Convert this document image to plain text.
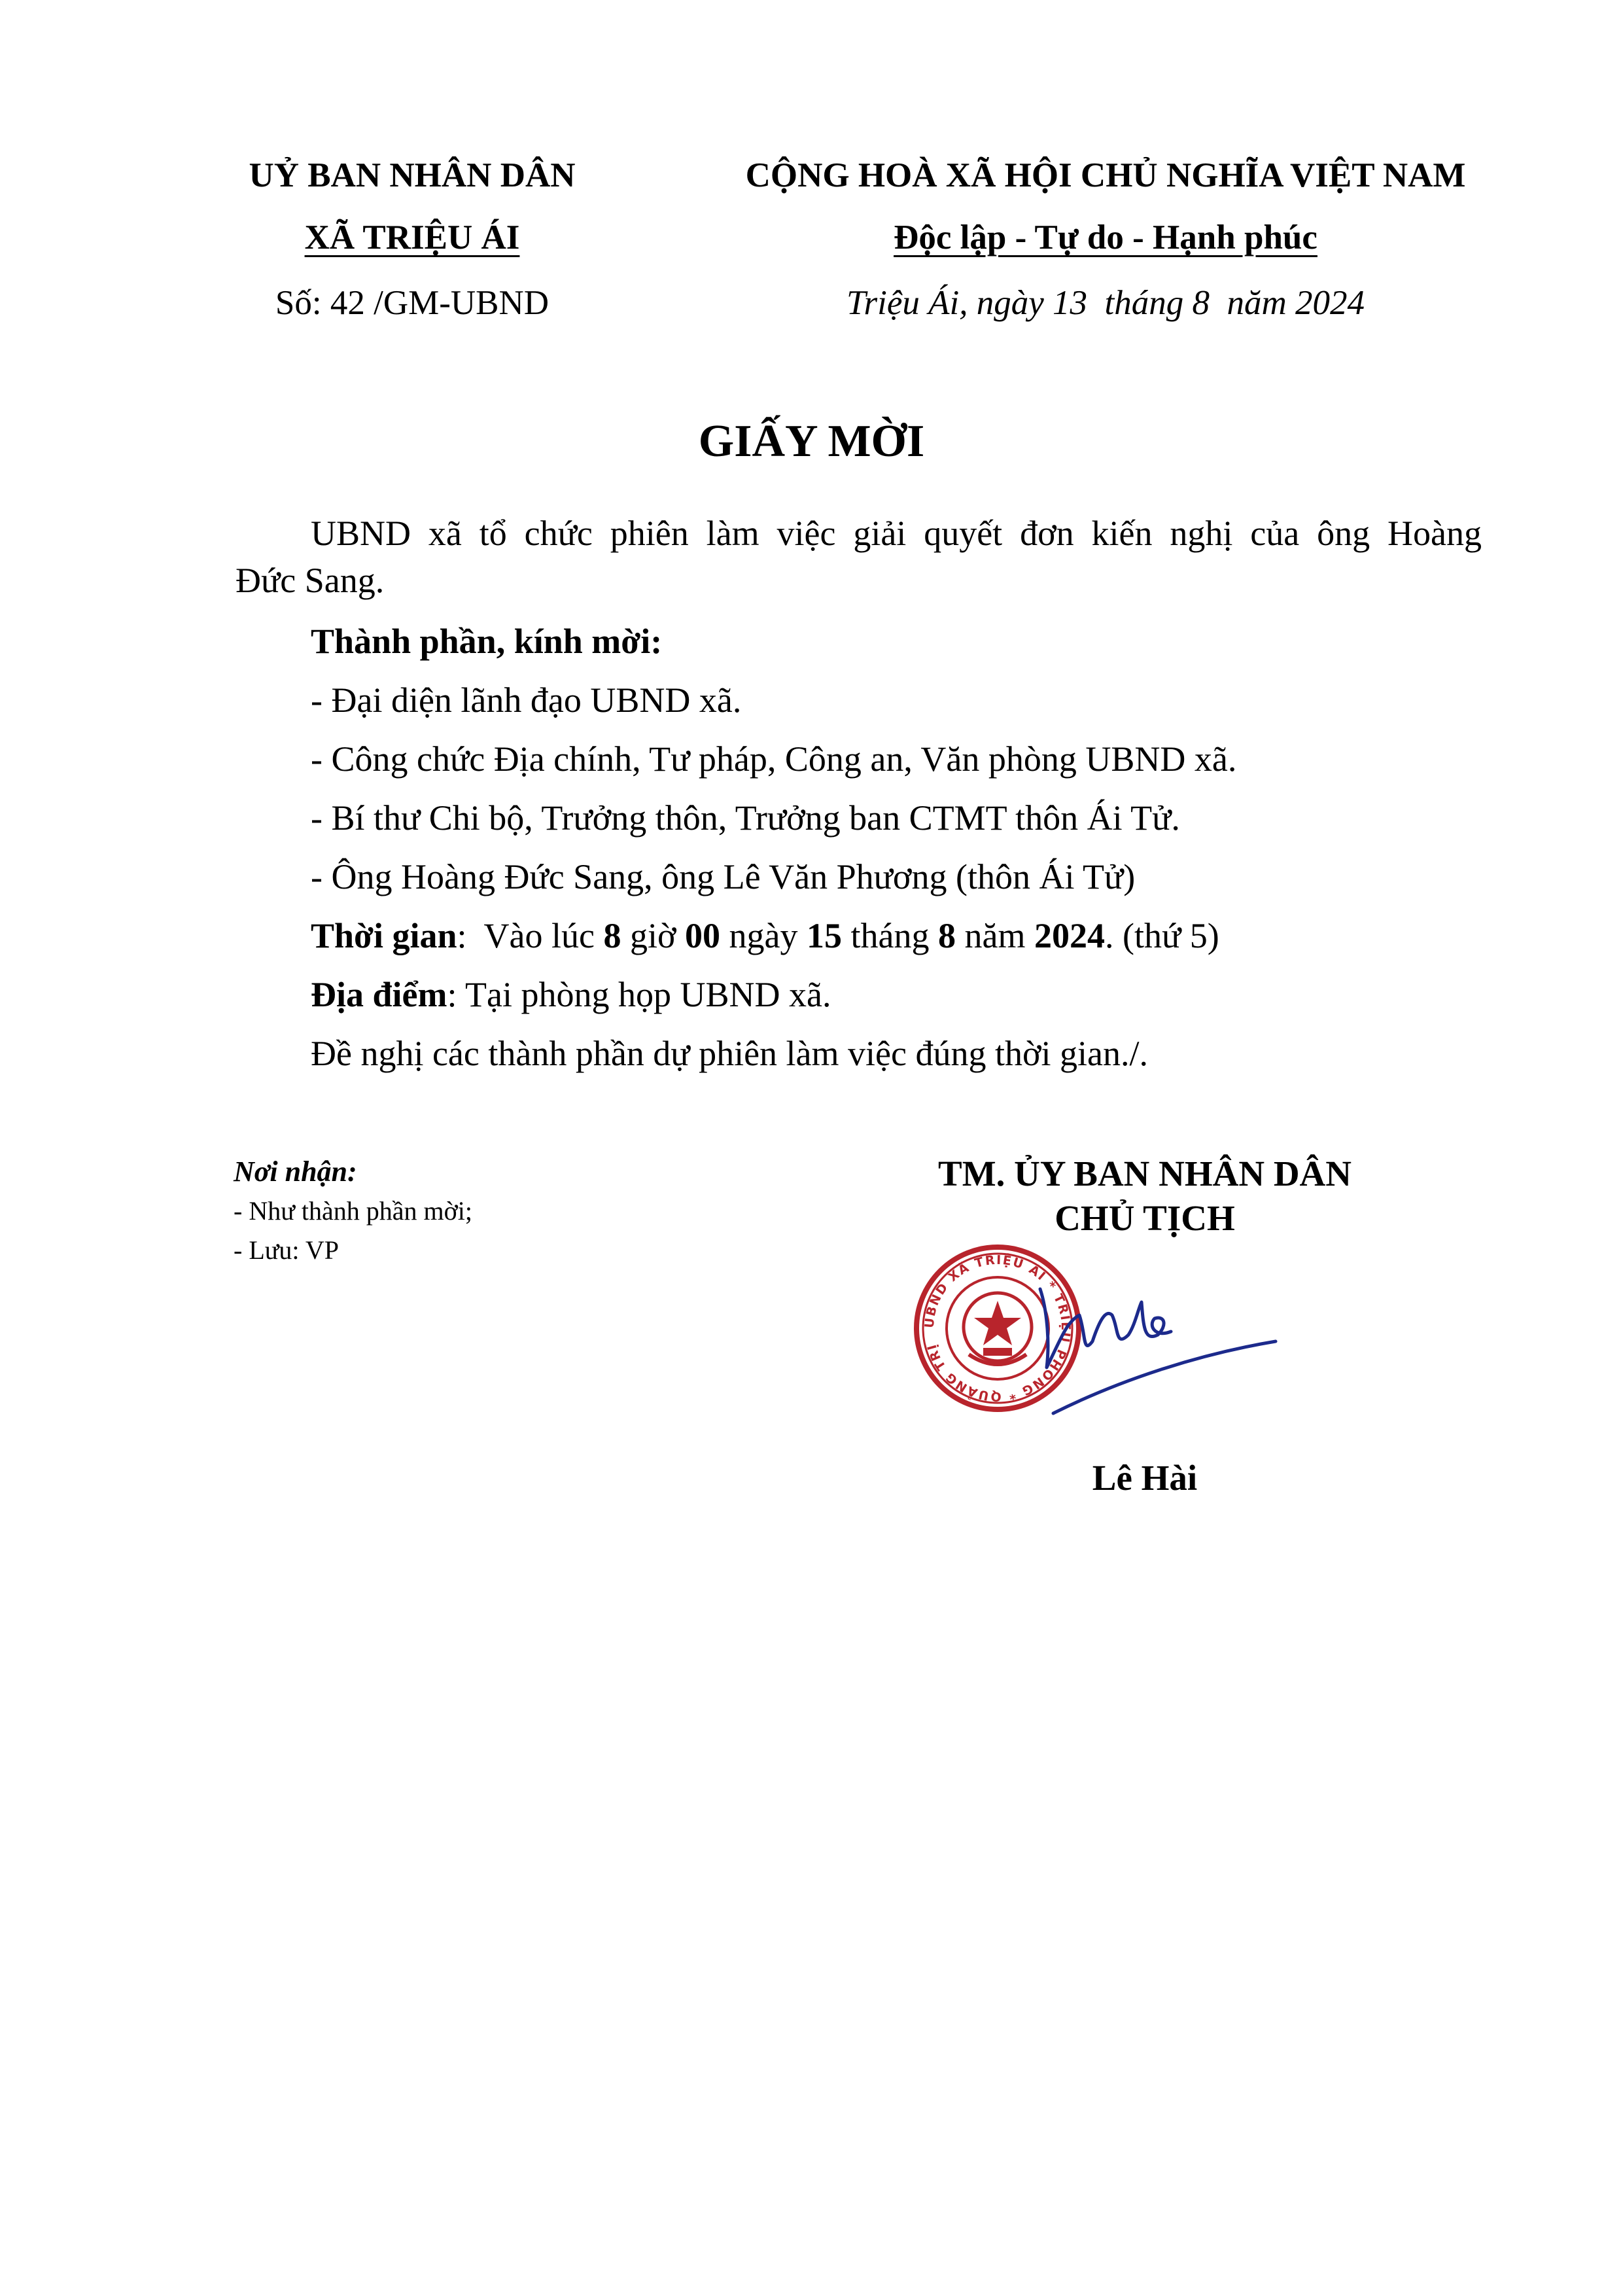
UỶ BAN NHÂN DÂN
XÃ TRIỆU ÁI
Số: 42 /GM-UBND
CỘNG HOÀ XÃ HỘI CHỦ NGHĨA VIỆT NAM
Độc lập - Tự do - Hạnh phúc
Triệu Ái, ngày 13  tháng 8  năm 2024
GIẤY MỜI
UBND xã tổ chức phiên làm việc giải quyết đơn kiến nghị của ông Hoàng
Đức Sang.
Thành phần, kính mời:
- Đại diện lãnh đạo UBND xã.
- Công chức Địa chính, Tư pháp, Công an, Văn phòng UBND xã.
- Bí thư Chi bộ, Trưởng thôn, Trưởng ban CTMT thôn Ái Tử.
- Ông Hoàng Đức Sang, ông Lê Văn Phương (thôn Ái Tử)
Thời gian:  Vào lúc 8 giờ 00 ngày 15 tháng 8 năm 2024. (thứ 5)
Địa điểm: Tại phòng họp UBND xã.
Đề nghị các thành phần dự phiên làm việc đúng thời gian./.
Nơi nhận:
- Như thành phần mời;
- Lưu: VP
TM. ỦY BAN NHÂN DÂN
CHỦ TỊCH
UBND XÃ TRIỆU ÁI * TRIỆU PHONG * QUẢNG TRỊ
Lê Hài
